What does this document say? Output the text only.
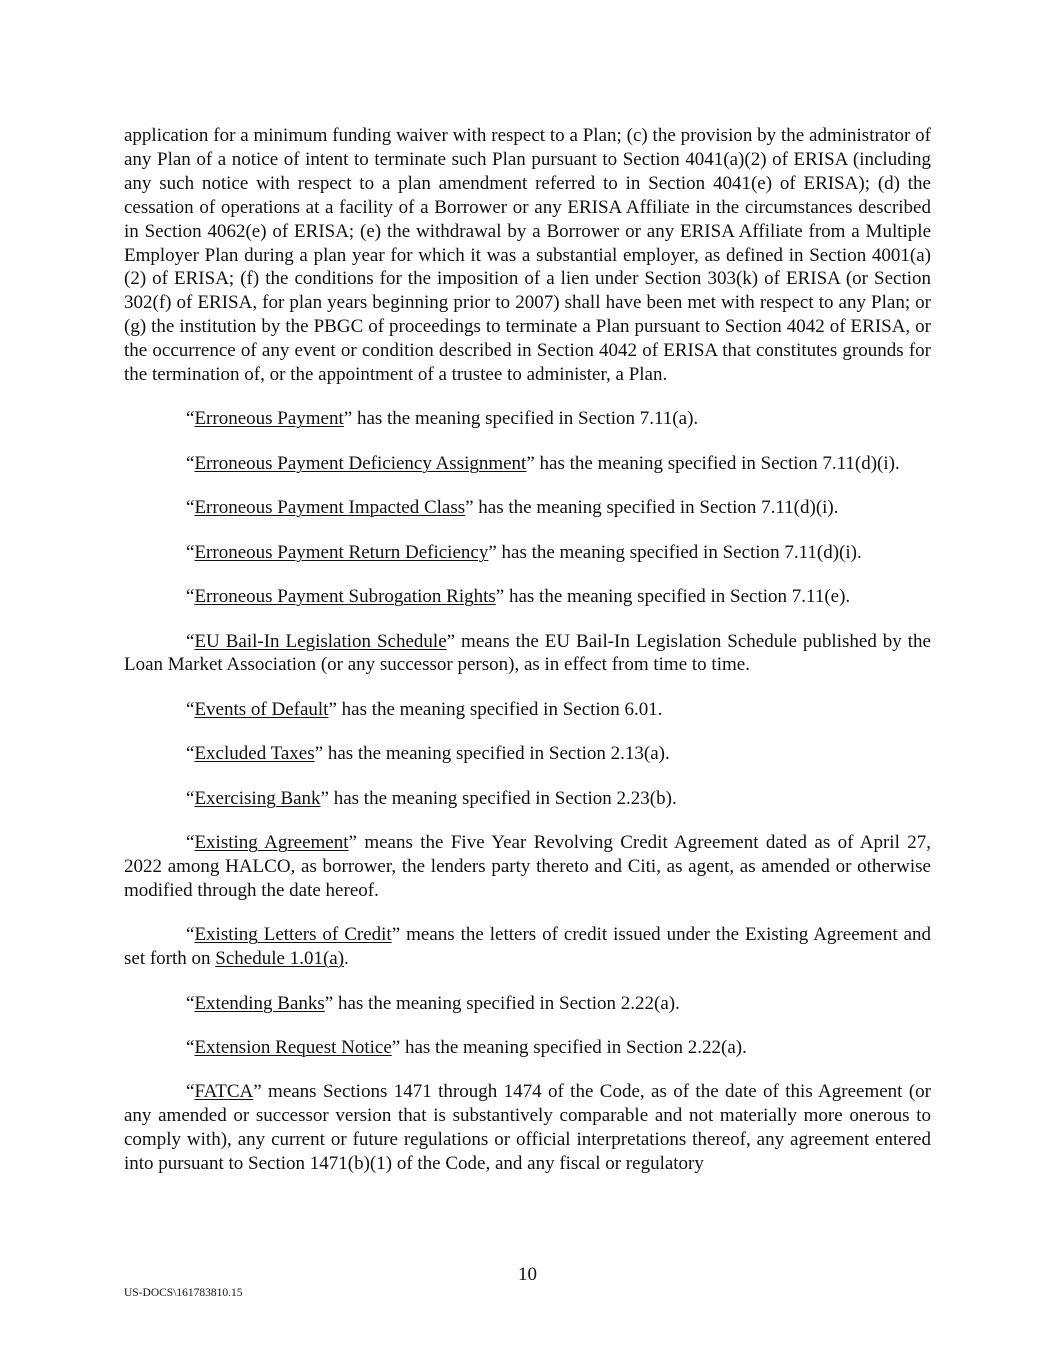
application for a minimum funding waiver with respect to a Plan; (c) the provision by the administrator of any Plan of a notice of intent to terminate such Plan pursuant to Section 4041(a)(2) of ERISA (including any such notice with respect to a plan amendment referred to in Section 4041(e) of ERISA); (d) the cessation of operations at a facility of a Borrower or any ERISA Affiliate in the circumstances described in Section 4062(e) of ERISA; (e) the withdrawal by a Borrower or any ERISA Affiliate from a Multiple Employer Plan during a plan year for which it was a substantial employer, as defined in Section 4001(a)(2) of ERISA; (f) the conditions for the imposition of a lien under Section 303(k) of ERISA (or Section 302(f) of ERISA, for plan years beginning prior to 2007) shall have been met with respect to any Plan; or (g) the institution by the PBGC of proceedings to terminate a Plan pursuant to Section 4042 of ERISA, or the occurrence of any event or condition described in Section 4042 of ERISA that constitutes grounds for the termination of, or the appointment of a trustee to administer, a Plan.

“Erroneous Payment” has the meaning specified in Section 7.11(a).

“Erroneous Payment Deficiency Assignment” has the meaning specified in Section 7.11(d)(i).

“Erroneous Payment Impacted Class” has the meaning specified in Section 7.11(d)(i).

“Erroneous Payment Return Deficiency” has the meaning specified in Section 7.11(d)(i).

“Erroneous Payment Subrogation Rights” has the meaning specified in Section 7.11(e).

“EU Bail-In Legislation Schedule” means the EU Bail-In Legislation Schedule published by the Loan Market Association (or any successor person), as in effect from time to time.

“Events of Default” has the meaning specified in Section 6.01.

“Excluded Taxes” has the meaning specified in Section 2.13(a).

“Exercising Bank” has the meaning specified in Section 2.23(b).

“Existing Agreement” means the Five Year Revolving Credit Agreement dated as of April 27, 2022 among HALCO, as borrower, the lenders party thereto and Citi, as agent, as amended or otherwise modified through the date hereof.

“Existing Letters of Credit” means the letters of credit issued under the Existing Agreement and set forth on Schedule 1.01(a).

“Extending Banks” has the meaning specified in Section 2.22(a).

“Extension Request Notice” has the meaning specified in Section 2.22(a).

“FATCA” means Sections 1471 through 1474 of the Code, as of the date of this Agreement (or any amended or successor version that is substantively comparable and not materially more onerous to comply with), any current or future regulations or official interpretations thereof, any agreement entered into pursuant to Section 1471(b)(1) of the Code, and any fiscal or regulatory

10
US-DOCS\161783810.15
